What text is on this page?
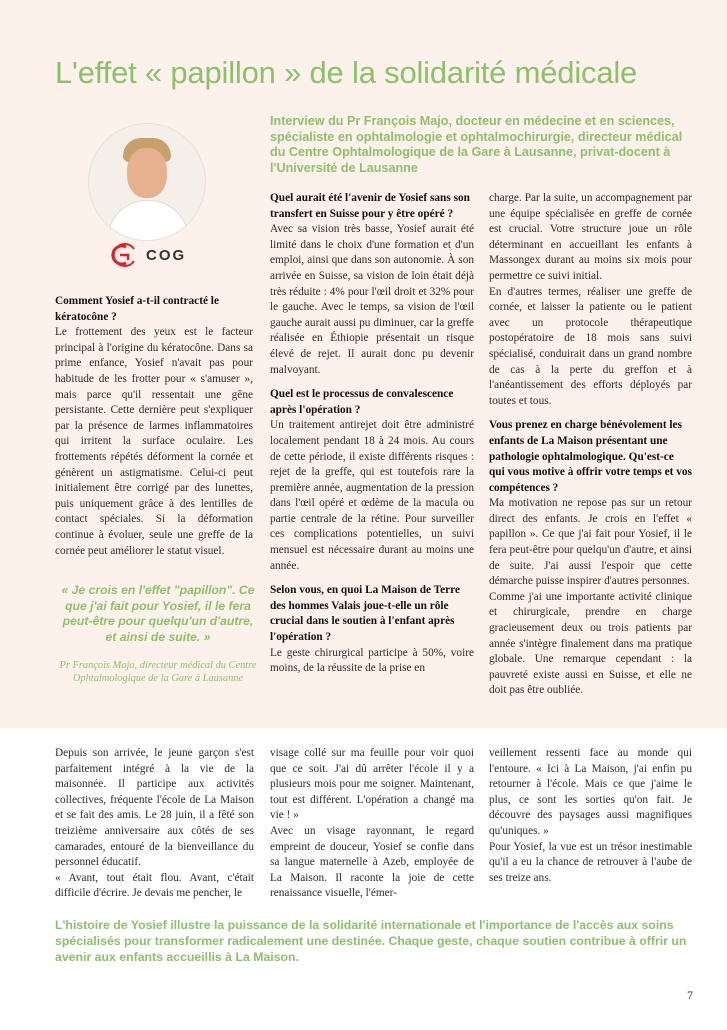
L'effet « papillon » de la solidarité médicale
COG
Interview du Pr François Majo, docteur en médecine et en sciences, spécialiste en ophtalmologie et ophtalmochirurgie, directeur médical du Centre Ophtalmologique de la Gare à Lausanne, privat-docent à l'Université de Lausanne
Comment Yosief a-t-il contracté le kératocône ?

Le frottement des yeux est le facteur principal à l'origine du kératocône. Dans sa prime enfance, Yosief n'avait pas pour habitude de les frotter pour « s'amuser », mais parce qu'il ressentait une gêne persistante. Cette dernière peut s'expliquer par la présence de larmes inflammatoires qui irritent la surface oculaire. Les frottements répétés déforment la cornée et génèrent un astigmatisme. Celui-ci peut initialement être corrigé par des lunettes, puis uniquement grâce à des lentilles de contact spéciales. Si la déformation continue à évoluer, seule une greffe de la cornée peut améliorer le statut visuel.

« Je crois en l'effet "papillon". Ce que j'ai fait pour Yosief, il le fera peut-être pour quelqu'un d'autre, et ainsi de suite. »
Pr François Majo, directeur médical du Centre Ophtalmologique de la Gare à Lausanne
Quel aurait été l'avenir de Yosief sans son transfert en Suisse pour y être opéré ?

Avec sa vision très basse, Yosief aurait été limité dans le choix d'une formation et d'un emploi, ainsi que dans son autonomie. À son arrivée en Suisse, sa vision de loin était déjà très réduite : 4% pour l'œil droit et 32% pour le gauche. Avec le temps, sa vision de l'œil gauche aurait aussi pu diminuer, car la greffe réalisée en Éthiopie présentait un risque élevé de rejet. Il aurait donc pu devenir malvoyant.

Quel est le processus de convalescence après l'opération ?

Un traitement antirejet doit être administré localement pendant 18 à 24 mois. Au cours de cette période, il existe différents risques : rejet de la greffe, qui est toutefois rare la première année, augmentation de la pression dans l'œil opéré et œdème de la macula ou partie centrale de la rétine. Pour surveiller ces complications potentielles, un suivi mensuel est nécessaire durant au moins une année.

Selon vous, en quoi La Maison de Terre des hommes Valais joue-t-elle un rôle crucial dans le soutien à l'enfant après l'opération ?

Le geste chirurgical participe à 50%, voire moins, de la réussite de la prise en

charge. Par la suite, un accompagnement par une équipe spécialisée en greffe de cornée est crucial. Votre structure joue un rôle déterminant en accueillant les enfants à Massongex durant au moins six mois pour permettre ce suivi initial.

En d'autres termes, réaliser une greffe de cornée, et laisser la patiente ou le patient avec un protocole thérapeutique postopératoire de 18 mois sans suivi spécialisé, conduirait dans un grand nombre de cas à la perte du greffon et à l'anéantissement des efforts déployés par toutes et tous.

Vous prenez en charge bénévolement les enfants de La Maison présentant une pathologie ophtalmologique. Qu'est-ce qui vous motive à offrir votre temps et vos compétences ?

Ma motivation ne repose pas sur un retour direct des enfants. Je crois en l'effet « papillon ». Ce que j'ai fait pour Yosief, il le fera peut-être pour quelqu'un d'autre, et ainsi de suite. J'ai aussi l'espoir que cette démarche puisse inspirer d'autres personnes.

Comme j'ai une importante activité clinique et chirurgicale, prendre en charge gracieusement deux ou trois patients par année s'intègre finalement dans ma pratique globale. Une remarque cependant : la pauvreté existe aussi en Suisse, et elle ne doit pas être oubliée.

Depuis son arrivée, le jeune garçon s'est parfaitement intégré à la vie de la maisonnée. Il participe aux activités collectives, fréquente l'école de La Maison et se fait des amis. Le 28 juin, il a fêté son treizième anniversaire aux côtés de ses camarades, entouré de la bienveillance du personnel éducatif.

« Avant, tout était flou. Avant, c'était difficile d'écrire. Je devais me pencher, le

visage collé sur ma feuille pour voir quoi que ce soit. J'ai dû arrêter l'école il y a plusieurs mois pour me soigner. Maintenant, tout est différent. L'opération a changé ma vie ! »

Avec un visage rayonnant, le regard empreint de douceur, Yosief se confie dans sa langue maternelle à Azeb, employée de La Maison. Il raconte la joie de cette renaissance visuelle, l'émer-

veillement ressenti face au monde qui l'entoure. « Ici à La Maison, j'ai enfin pu retourner à l'école. Mais ce que j'aime le plus, ce sont les sorties qu'on fait. Je découvre des paysages aussi magnifiques qu'uniques. »

Pour Yosief, la vue est un trésor inestimable qu'il a eu la chance de retrouver à l'aube de ses treize ans.

L'histoire de Yosief illustre la puissance de la solidarité internationale et l'importance de l'accès aux soins spécialisés pour transformer radicalement une destinée. Chaque geste, chaque soutien contribue à offrir un avenir aux enfants accueillis à La Maison.
7
